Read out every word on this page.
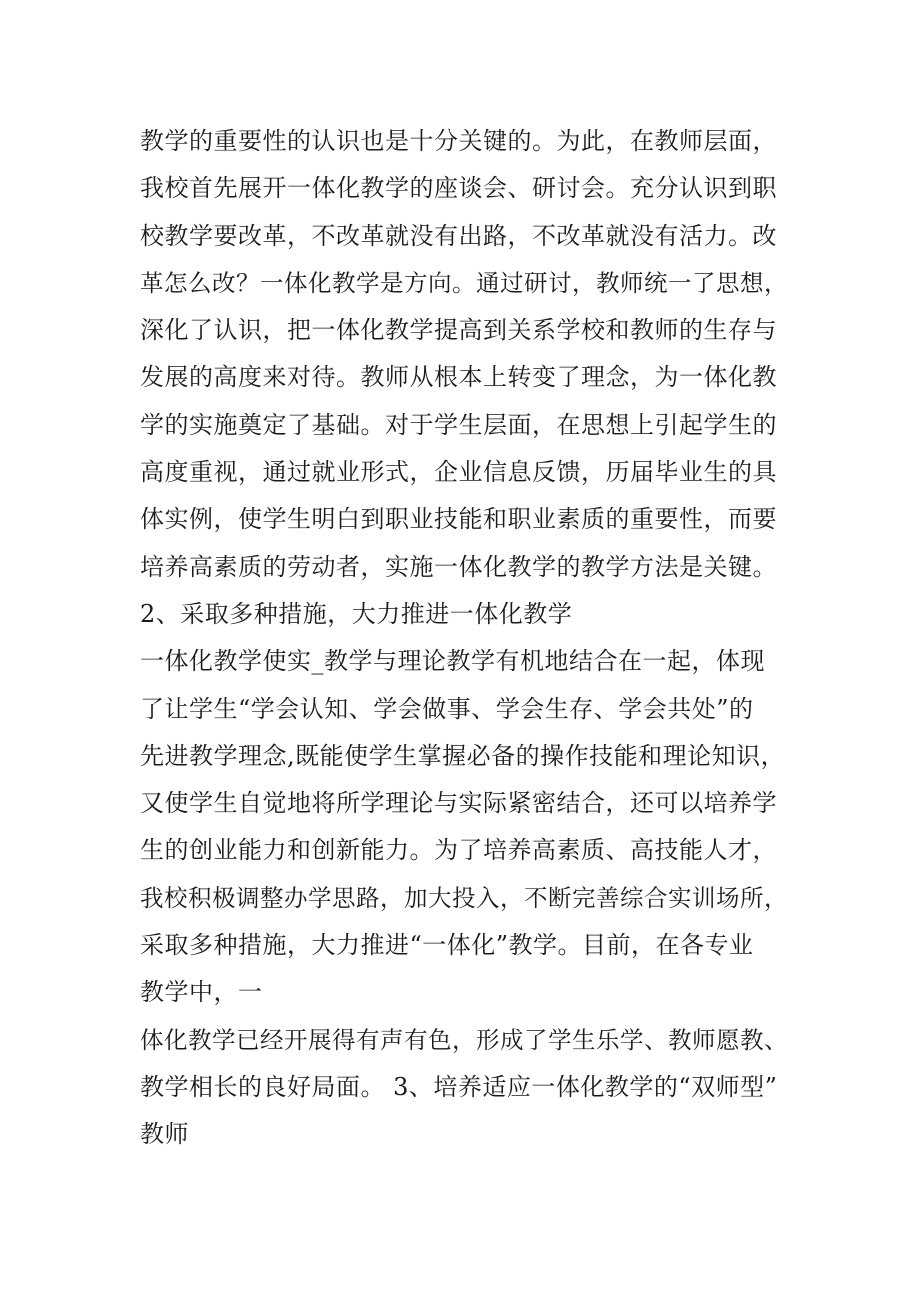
教学的重要性的认识也是十分关键的。为此，在教师层面，
我校首先展开一体化教学的座谈会、研讨会。充分认识到职
校教学要改革，不改革就没有出路，不改革就没有活力。改
革怎么改？一体化教学是方向。通过研讨，教师统一了思想，
深化了认识，把一体化教学提高到关系学校和教师的生存与
发展的高度来对待。教师从根本上转变了理念，为一体化教
学的实施奠定了基础。对于学生层面，在思想上引起学生的
高度重视，通过就业形式，企业信息反馈，历届毕业生的具
体实例，使学生明白到职业技能和职业素质的重要性，而要
培养高素质的劳动者，实施一体化教学的教学方法是关键。
2、采取多种措施，大力推进一体化教学
一体化教学使实_教学与理论教学有机地结合在一起，体现
了让学生“学会认知、学会做事、学会生存、学会共处”的
先进教学理念,既能使学生掌握必备的操作技能和理论知识，
又使学生自觉地将所学理论与实际紧密结合，还可以培养学
生的创业能力和创新能力。为了培养高素质、高技能人才，
我校积极调整办学思路，加大投入，不断完善综合实训场所，
采取多种措施，大力推进“一体化”教学。目前，在各专业
教学中，一
体化教学已经开展得有声有色，形成了学生乐学、教师愿教、
教学相长的良好局面。 3、培养适应一体化教学的“双师型”
教师
